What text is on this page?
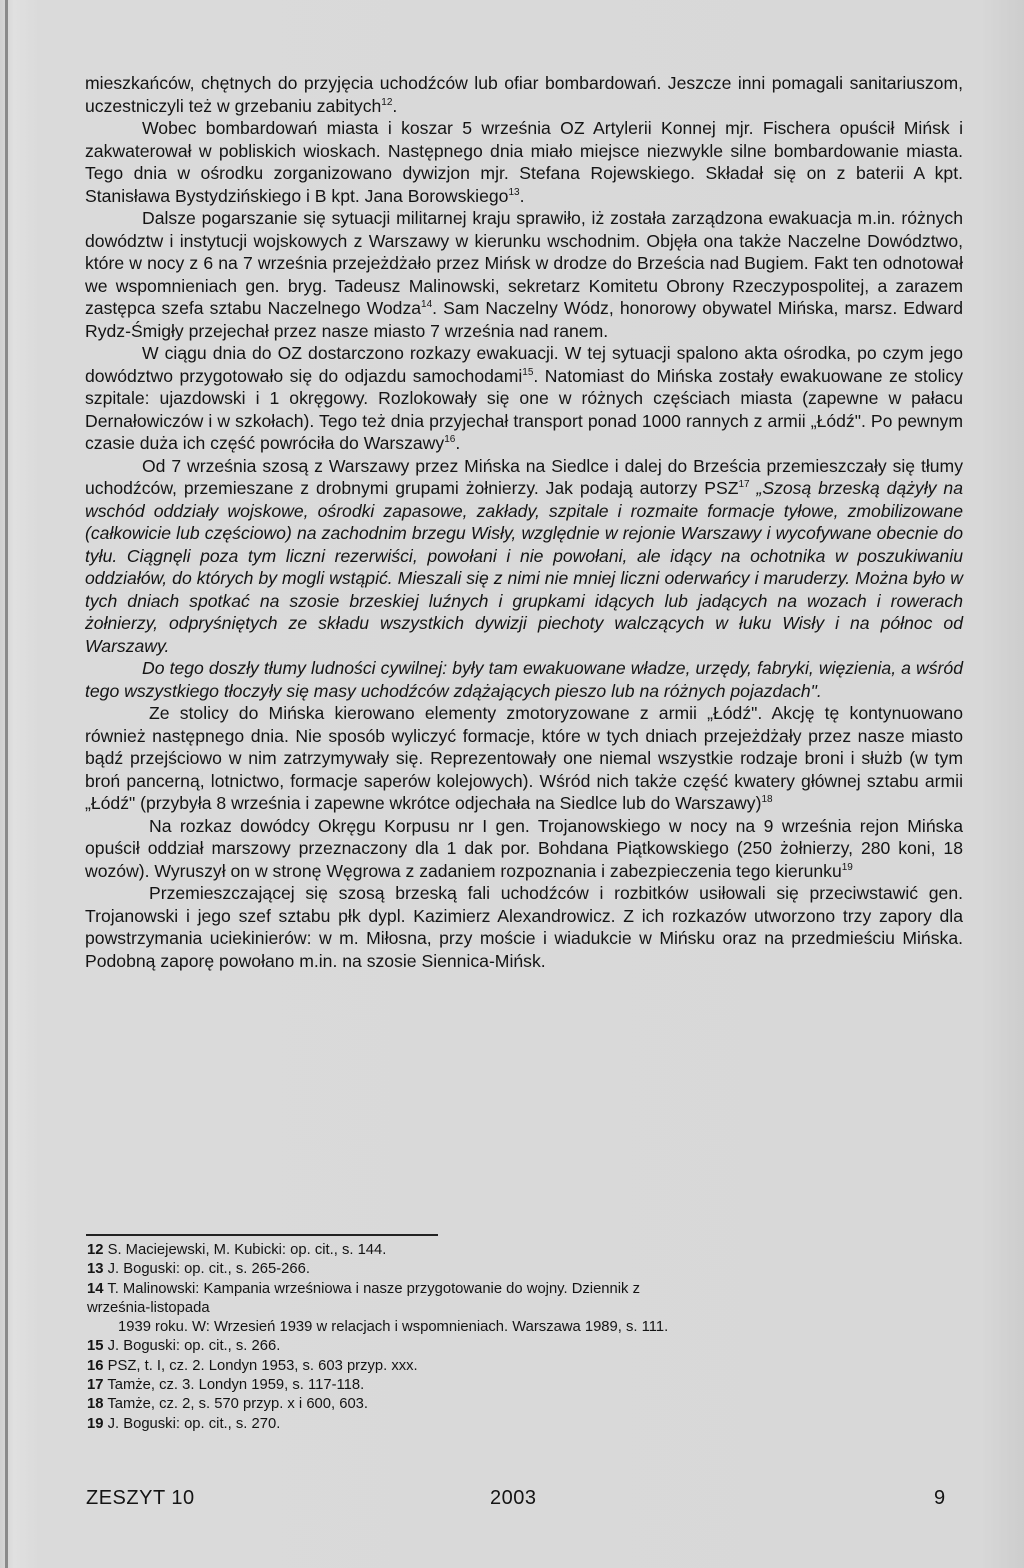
mieszkańców, chętnych do przyjęcia uchodźców lub ofiar bombardowań. Jeszcze inni pomagali sanitariuszom, uczestniczyli też w grzebaniu zabitych$^{12}$.

Wobec bombardowań miasta i koszar 5 września OZ Artylerii Konnej mjr. Fischera opuścił Mińsk i zakwaterował w pobliskich wioskach. Następnego dnia miało miejsce niezwykle silne bombardowanie miasta. Tego dnia w ośrodku zorganizowano dywizjon mjr. Stefana Rojewskiego. Składał się on z baterii A kpt. Stanisława Bystydzińskiego i B kpt. Jana Borowskiego$^{13}$.

Dalsze pogarszanie się sytuacji militarnej kraju sprawiło, iż została zarządzona ewakuacja m.in. różnych dowództw i instytucji wojskowych z Warszawy w kierunku wschodnim. Objęła ona także Naczelne Dowództwo, które w nocy z 6 na 7 września przejeżdżało przez Mińsk w drodze do Brześcia nad Bugiem. Fakt ten odnotował we wspomnieniach gen. bryg. Tadeusz Malinowski, sekretarz Komitetu Obrony Rzeczypospolitej, a zarazem zastępca szefa sztabu Naczelnego Wodza$^{14}$. Sam Naczelny Wódz, honorowy obywatel Mińska, marsz. Edward Rydz-Śmigły przejechał przez nasze miasto 7 września nad ranem.

W ciągu dnia do OZ dostarczono rozkazy ewakuacji. W tej sytuacji spalono akta ośrodka, po czym jego dowództwo przygotowało się do odjazdu samochodami$^{15}$. Natomiast do Mińska zostały ewakuowane ze stolicy szpitale: ujazdowski i 1 okręgowy. Rozlokowały się one w różnych częściach miasta (zapewne w pałacu Dernałowiczów i w szkołach). Tego też dnia przyjechał transport ponad 1000 rannych z armii „Łódź". Po pewnym czasie duża ich część powróciła do Warszawy$^{16}$.

Od 7 września szosą z Warszawy przez Mińska na Siedlce i dalej do Brześcia przemieszczały się tłumy uchodźców, przemieszane z drobnymi grupami żołnierzy. Jak podają autorzy PSZ$^{17}$ „Szosą brzeską dążyły na wschód oddziały wojskowe, ośrodki zapasowe, zakłady, szpitale i rozmaite formacje tyłowe, zmobilizowane (całkowicie lub częściowo) na zachodnim brzegu Wisły, względnie w rejonie Warszawy i wycofywane obecnie do tyłu. Ciągnęli poza tym liczni rezerwiści, powołani i nie powołani, ale idący na ochotnika w poszukiwaniu oddziałów, do których by mogli wstąpić. Mieszali się z nimi nie mniej liczni oderwańcy i maruderzy. Można było w tych dniach spotkać na szosie brzeskiej luźnych i grupkami idących lub jadących na wozach i rowerach żołnierzy, odpryśniętych ze składu wszystkich dywizji piechoty walczących w łuku Wisły i na północ od Warszawy.

Do tego doszły tłumy ludności cywilnej: były tam ewakuowane władze, urzędy, fabryki, więzienia, a wśród tego wszystkiego tłoczyły się masy uchodźców zdążających pieszo lub na różnych pojazdach".

Ze stolicy do Mińska kierowano elementy zmotoryzowane z armii „Łódź". Akcję tę kontynuowano również następnego dnia. Nie sposób wyliczyć formacje, które w tych dniach przejeżdżały przez nasze miasto bądź przejściowo w nim zatrzymywały się. Reprezentowały one niemal wszystkie rodzaje broni i służb (w tym broń pancerną, lotnictwo, formacje saperów kolejowych). Wśród nich także część kwatery głównej sztabu armii „Łódź" (przybyła 8 września i zapewne wkrótce odjechała na Siedlce lub do Warszawy)$^{18}$

Na rozkaz dowódcy Okręgu Korpusu nr I gen. Trojanowskiego w nocy na 9 września rejon Mińska opuścił oddział marszowy przeznaczony dla 1 dak por. Bohdana Piątkowskiego (250 żołnierzy, 280 koni, 18 wozów). Wyruszył on w stronę Węgrowa z zadaniem rozpoznania i zabezpieczenia tego kierunku$^{19}$

Przemieszczającej się szosą brzeską fali uchodźców i rozbitków usiłowali się przeciwstawić gen. Trojanowski i jego szef sztabu płk dypl. Kazimierz Alexandrowicz. Z ich rozkazów utworzono trzy zapory dla powstrzymania uciekinierów: w m. Miłosna, przy moście i wiadukcie w Mińsku oraz na przedmieściu Mińska. Podobną zaporę powołano m.in. na szosie Siennica-Mińsk.

12 S. Maciejewski, M. Kubicki: op. cit., s. 144.
13 J. Boguski: op. cit., s. 265-266.
14 T. Malinowski: Kampania wrześniowa i nasze przygotowanie do wojny. Dziennik z września-listopada
1939 roku. W: Wrzesień 1939 w relacjach i wspomnieniach. Warszawa 1989, s. 111.
15 J. Boguski: op. cit., s. 266.
16 PSZ, t. I, cz. 2. Londyn 1953, s. 603 przyp. xxx.
17 Tamże, cz. 3. Londyn 1959, s. 117-118.
18 Tamże, cz. 2, s. 570 przyp. x i 600, 603.
19 J. Boguski: op. cit., s. 270.
ZESZYT 10	2003	9
